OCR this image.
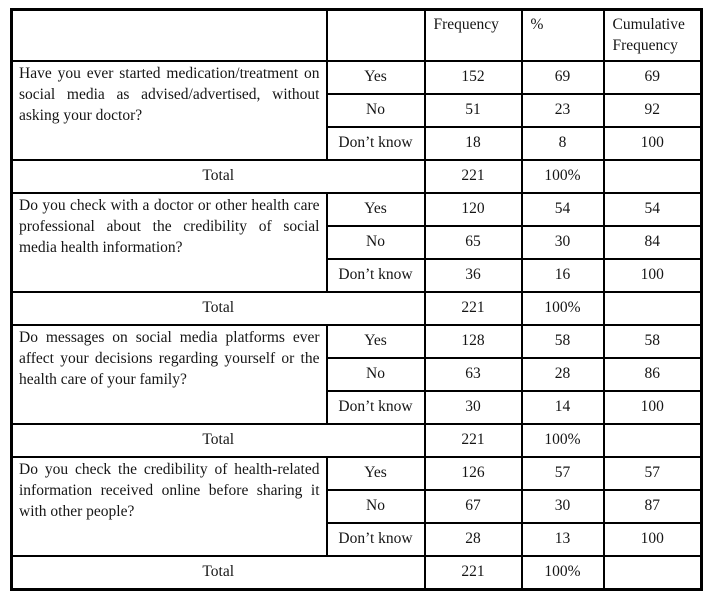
		Frequency	%	Cumulative Frequency
Have you ever started medication/treatment on social media as advised/advertised, without asking your doctor?	Yes	152	69	69
	No	51	23	92
	Don’t know	18	8	100
Total		221	100%	
Do you check with a doctor or other health care professional about the credibility of social media health information?	Yes	120	54	54
	No	65	30	84
	Don’t know	36	16	100
Total		221	100%	
Do messages on social media platforms ever affect your decisions regarding yourself or the health care of your family?	Yes	128	58	58
	No	63	28	86
	Don’t know	30	14	100
Total		221	100%	
Do you check the credibility of health-related information received online before sharing it with other people?	Yes	126	57	57
	No	67	30	87
	Don’t know	28	13	100
Total		221	100%	
